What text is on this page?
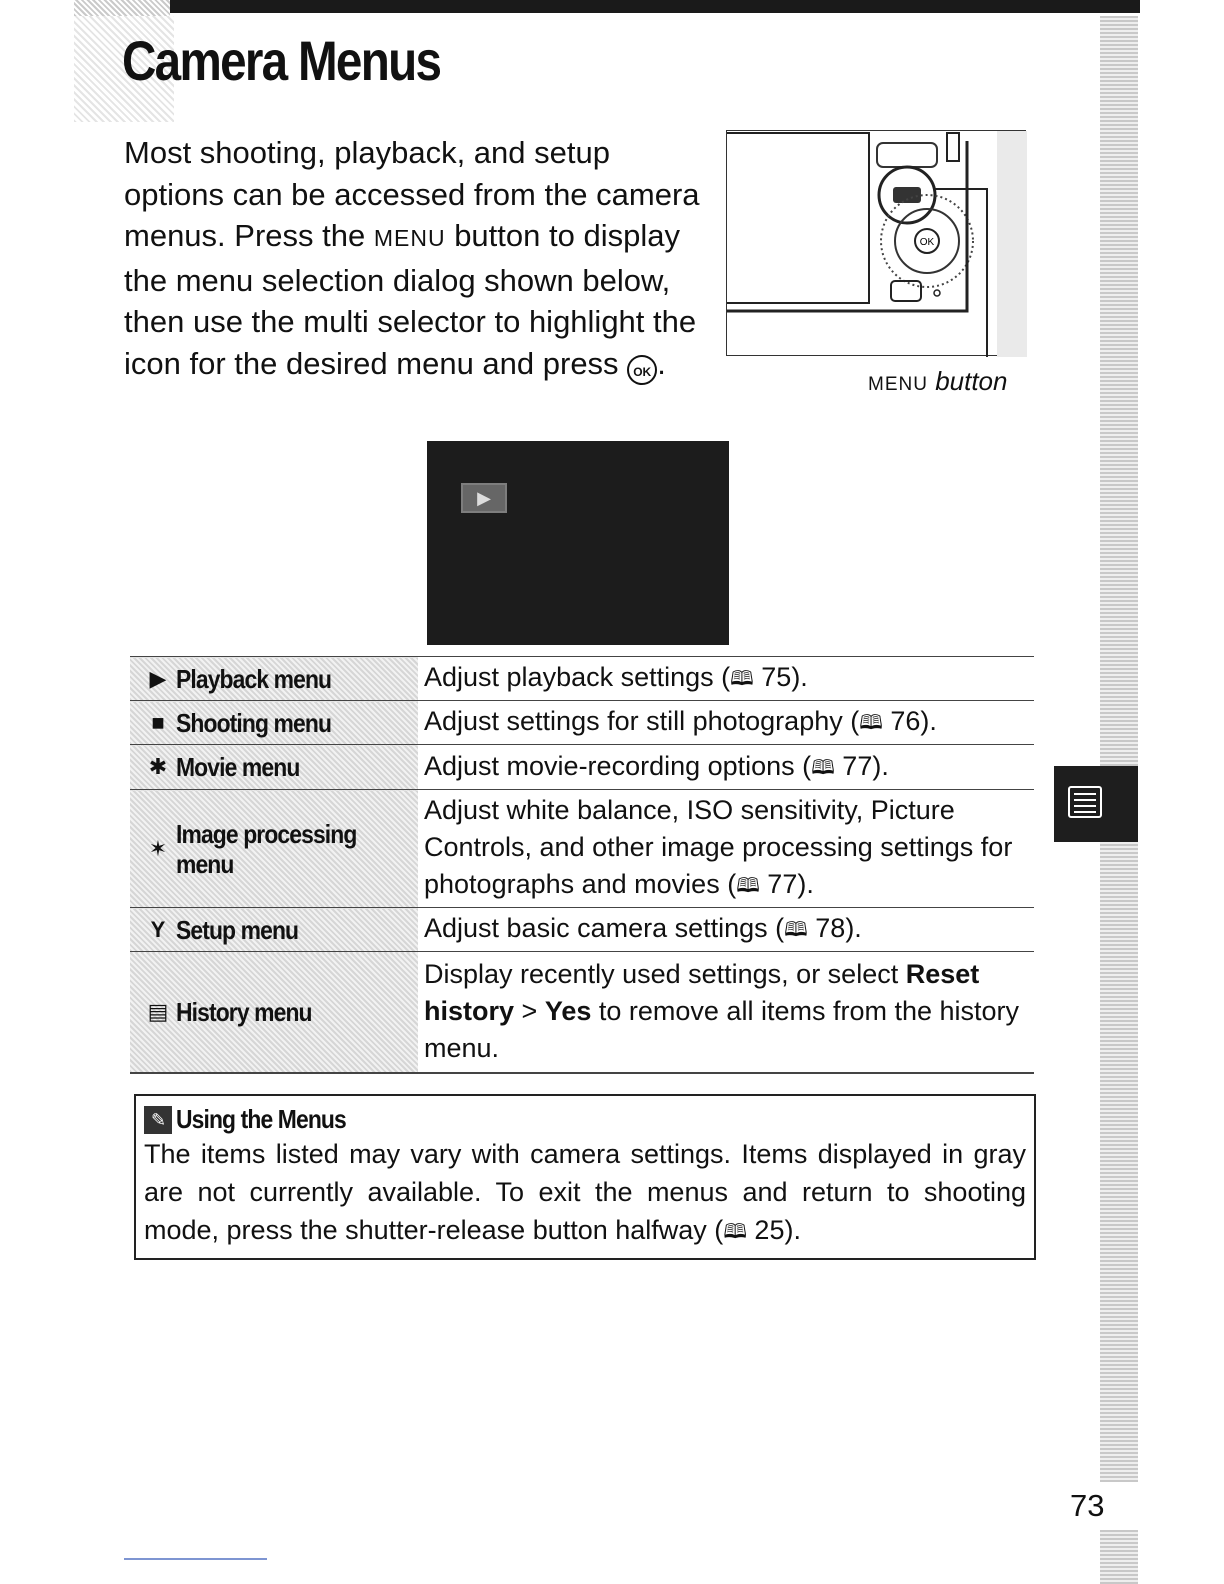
Camera Menus

Most shooting, playback, and setup options can be accessed from the camera menus. Press the MENU button to display the menu selection dialog shown below, then use the multi selector to highlight the icon for the desired menu and press OK .

OK
MENU button
▶

▶ Playback menu	Adjust playback settings (🕮 75).

■ Shooting menu	Adjust settings for still photography (🕮 76).

✱ Movie menu	Adjust movie-recording options (🕮 77).

✶ Image processing
menu	Adjust white balance, ISO sensitivity, Picture Controls, and other image processing settings for photographs and movies (🕮 77).

Y Setup menu	Adjust basic camera settings (🕮 78).

▤ History menu	Display recently used settings, or select Reset history > Yes to remove all items from the history menu.
✎ Using the Menus

The items listed may vary with camera settings. Items displayed in gray are not currently available. To exit the menus and return to shooting mode, press the shutter-release button halfway (🕮 25).

73
